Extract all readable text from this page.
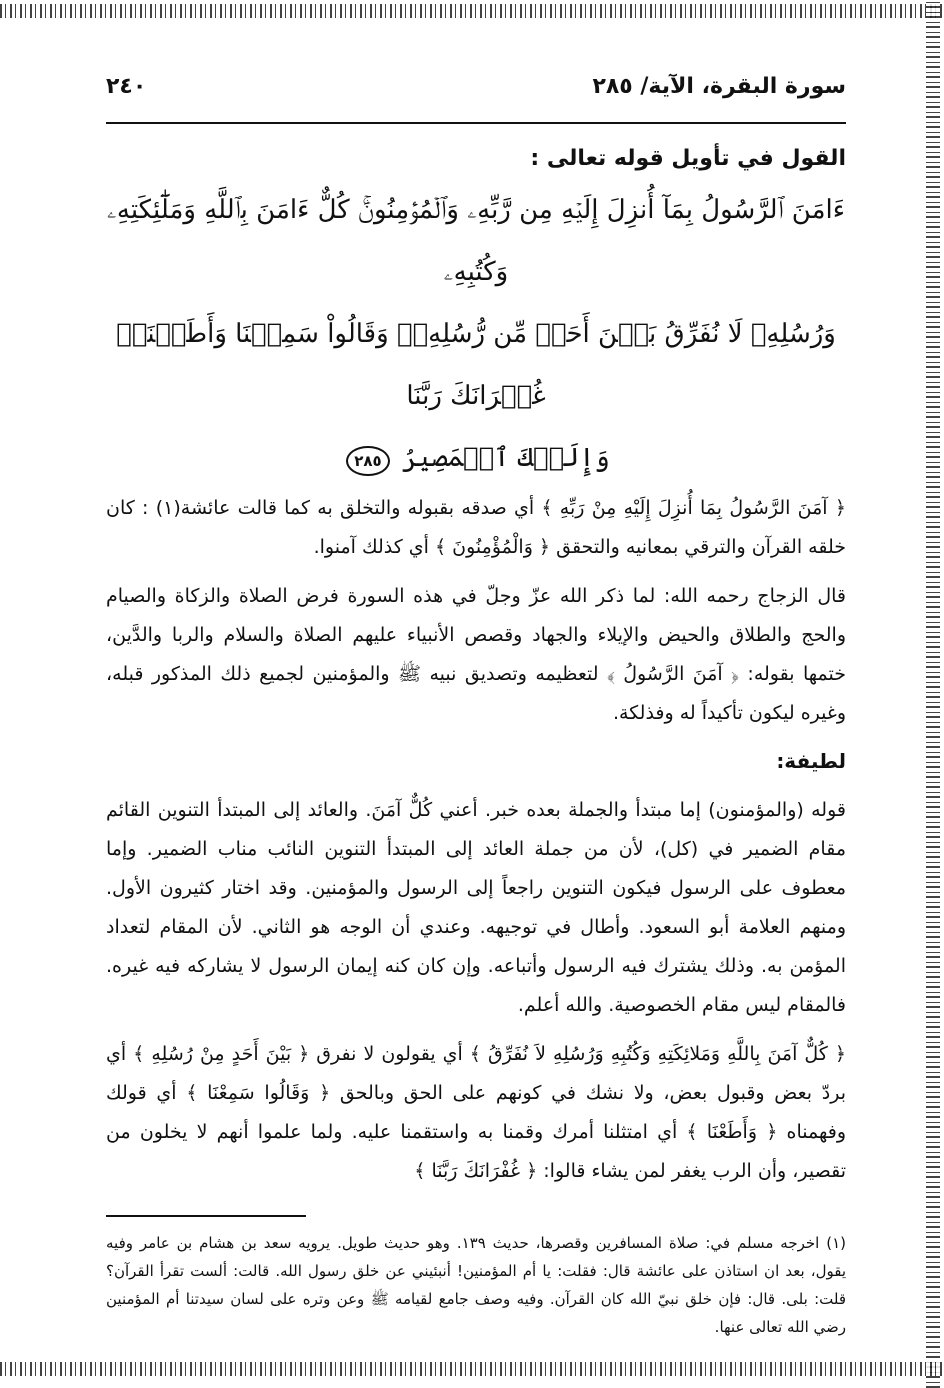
سورة البقرة، الآية/ ٢٨٥
٢٤٠
القول في تأويل قوله تعالى :

ءَامَنَ ٱلرَّسُولُ بِمَآ أُنزِلَ إِلَيۡهِ مِن رَّبِّهِۦ وَٱلۡمُؤۡمِنُونَۚ كُلٌّ ءَامَنَ بِٱللَّهِ وَمَلَٰٓئِكَتِهِۦ وَكُتُبِهِۦ

وَرُسُلِهِۦ لَا نُفَرِّقُ بَيۡنَ أَحَدٖ مِّن رُّسُلِهِۦۚ وَقَالُواْ سَمِعۡنَا وَأَطَعۡنَاۖ غُفۡرَانَكَ رَبَّنَا

وَإِلَيۡكَ ٱلۡمَصِيرُ ٢٨٥

﴿ آمَنَ الرَّسُولُ بِمَا أُنزِلَ إِلَيْهِ مِنْ رَبِّهِ ﴾ أي صدقه بقبوله والتخلق به كما قالت عائشة(١) : كان خلقه القرآن والترقي بمعانيه والتحقق ﴿ وَالْمُؤْمِنُونَ ﴾ أي كذلك آمنوا.

قال الزجاج رحمه الله: لما ذكر الله عزّ وجلّ في هذه السورة فرض الصلاة والزكاة والصيام والحج والطلاق والحيض والإيلاء والجهاد وقصص الأنبياء عليهم الصلاة والسلام والربا والدَّين، ختمها بقوله: ﴿ آمَنَ الرَّسُولُ ﴾ لتعظيمه وتصديق نبيه ﷺ والمؤمنين لجميع ذلك المذكور قبله، وغيره ليكون تأكيداً له وفذلكة.

لطيفة:

قوله (والمؤمنون) إما مبتدأ والجملة بعده خبر. أعني كُلٌّ آمَنَ. والعائد إلى المبتدأ التنوين القائم مقام الضمير في (كل)، لأن من جملة العائد إلى المبتدأ التنوين النائب مناب الضمير. وإما معطوف على الرسول فيكون التنوين راجعاً إلى الرسول والمؤمنين. وقد اختار كثيرون الأول. ومنهم العلامة أبو السعود. وأطال في توجيهه. وعندي أن الوجه هو الثاني. لأن المقام لتعداد المؤمن به. وذلك يشترك فيه الرسول وأتباعه. وإن كان كنه إيمان الرسول لا يشاركه فيه غيره. فالمقام ليس مقام الخصوصية. والله أعلم.

﴿ كُلٌّ آمَنَ بِاللَّهِ وَمَلائِكَتِهِ وَكُتُبِهِ وَرُسُلِهِ لاَ نُفَرِّقُ ﴾ أي يقولون لا نفرق ﴿ بَيْنَ أَحَدٍ مِنْ رُسُلِهِ ﴾ أي بردّ بعض وقبول بعض، ولا نشك في كونهم على الحق وبالحق ﴿ وَقَالُوا سَمِعْنَا ﴾ أي قولك وفهمناه ﴿ وَأَطَعْنَا ﴾ أي امتثلنا أمرك وقمنا به واستقمنا عليه. ولما علموا أنهم لا يخلون من تقصير، وأن الرب يغفر لمن يشاء قالوا: ﴿ غُفْرَانَكَ رَبَّنَا ﴾

(١) اخرجه مسلم في: صلاة المسافرين وقصرها، حديث ١٣٩. وهو حديث طويل. يرويه سعد بن هشام بن عامر وفيه يقول، بعد ان استاذن على عائشة قال: فقلت: يا أم المؤمنين! أنبئيني عن خلق رسول الله. قالت: ألست تقرأ القرآن؟ قلت: بلى. قال: فإن خلق نبيّ الله كان القرآن. وفيه وصف جامع لقيامه ﷺ وعن وتره على لسان سيدتنا أم المؤمنين رضي الله تعالى عنها.
